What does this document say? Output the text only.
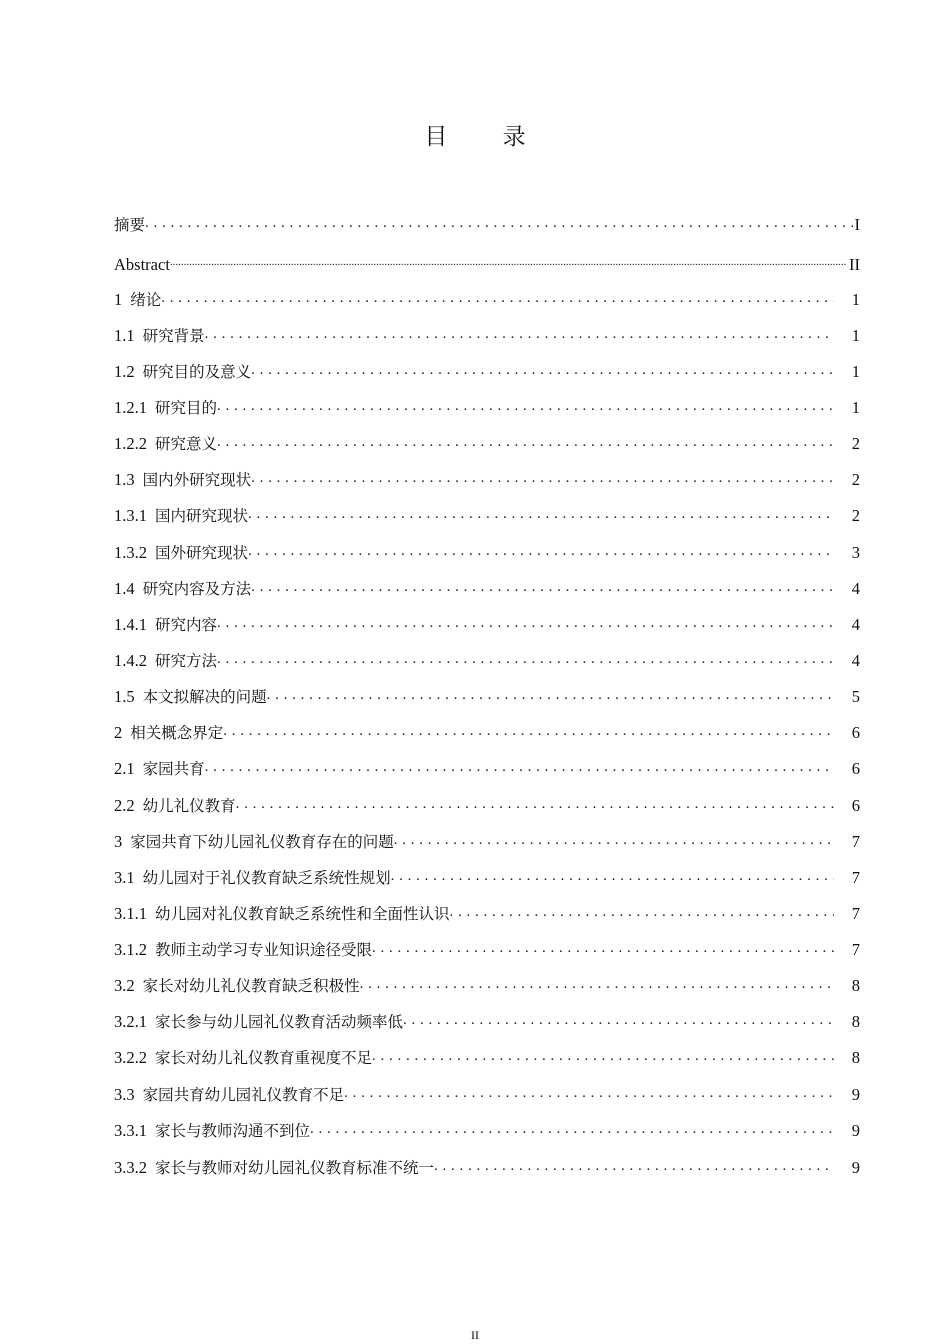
目 录
摘要 . . .	I
Abstract .....	II
1 绪论 . . .	1
1.1 研究背景 . . .	1
1.2 研究目的及意义 . . .	1
1.2.1 研究目的 . . .	1
1.2.2 研究意义 . . .	2
1.3 国内外研究现状 . . .	2
1.3.1 国内研究现状 . . .	2
1.3.2 国外研究现状 . . .	3
1.4 研究内容及方法 . . .	4
1.4.1 研究内容 . . .	4
1.4.2 研究方法 . . .	4
1.5 本文拟解决的问题 . . .	5
2 相关概念界定 . . .	6
2.1 家园共育 . . .	6
2.2 幼儿礼仪教育 . . .	6
3 家园共育下幼儿园礼仪教育存在的问题 . . .	7
3.1 幼儿园对于礼仪教育缺乏系统性规划 . . .	7
3.1.1 幼儿园对礼仪教育缺乏系统性和全面性认识 . . .	7
3.1.2 教师主动学习专业知识途径受限 . . .	7
3.2 家长对幼儿礼仪教育缺乏积极性 . . .	8
3.2.1 家长参与幼儿园礼仪教育活动频率低 . . .	8
3.2.2 家长对幼儿礼仪教育重视度不足 . . .	8
3.3 家园共育幼儿园礼仪教育不足 . . .	9
3.3.1 家长与教师沟通不到位 . . .	9
3.3.2 家长与教师对幼儿园礼仪教育标准不统一 . . .	9
II
